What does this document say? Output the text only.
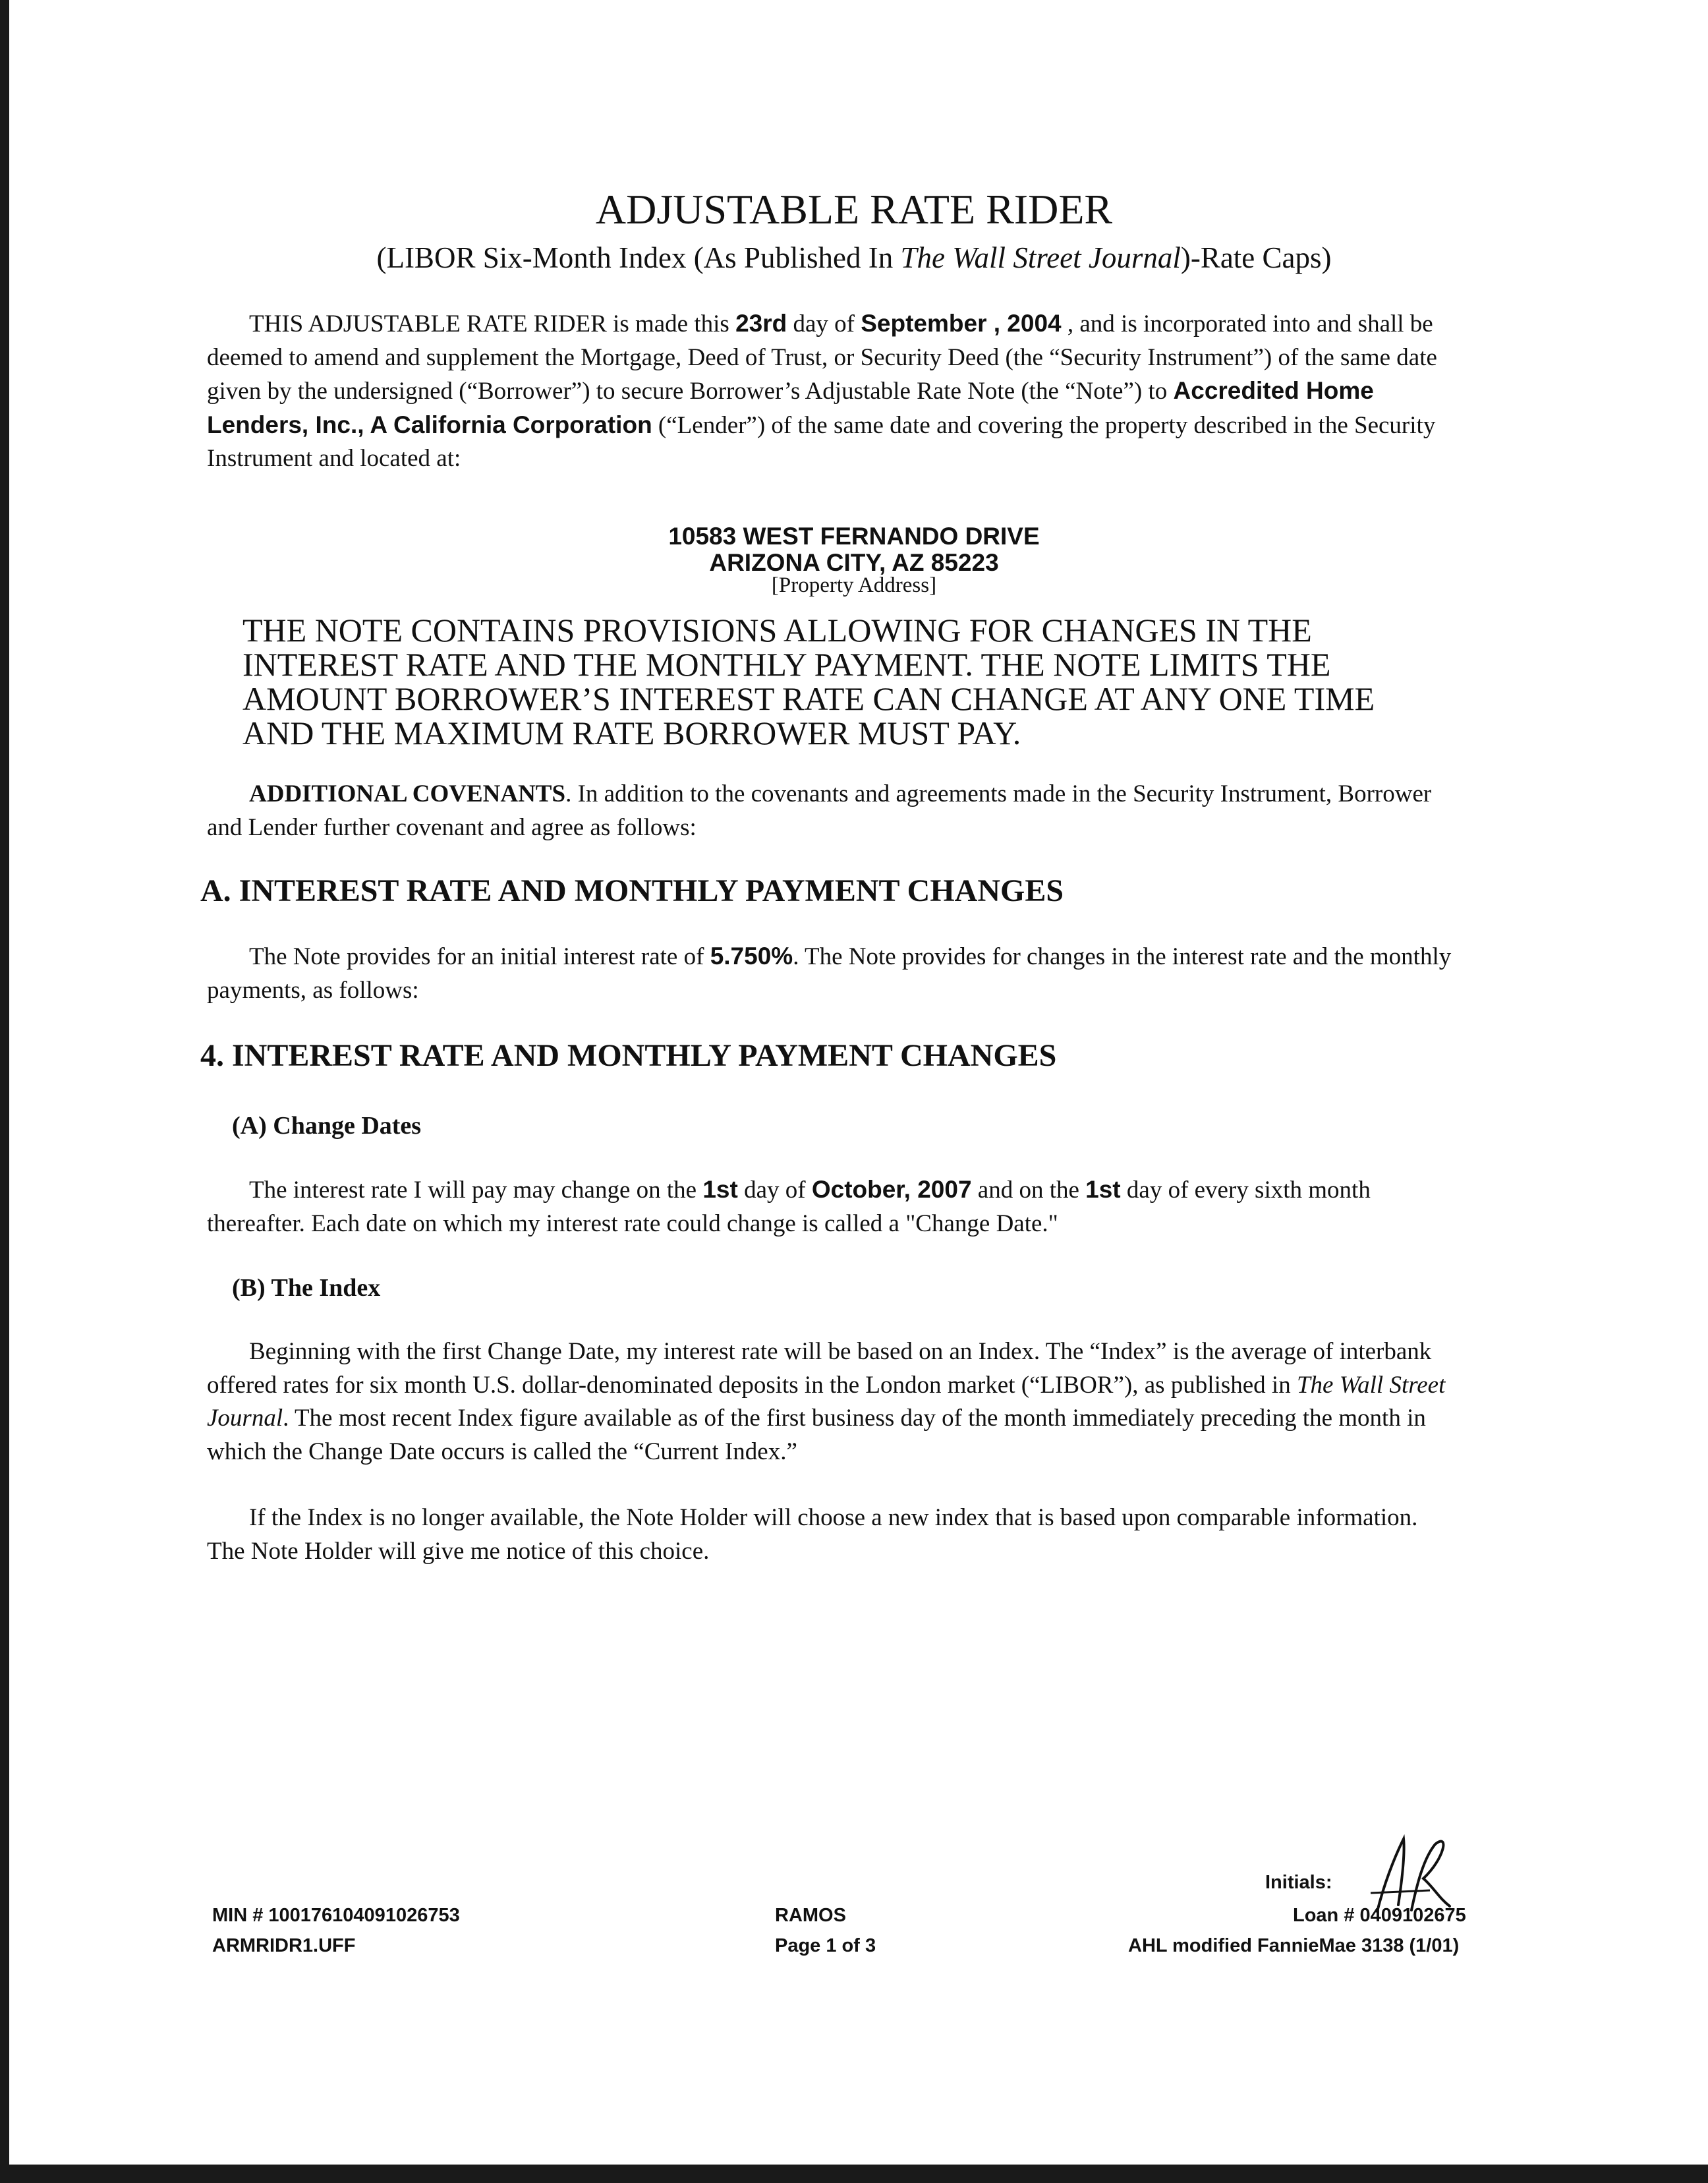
ADJUSTABLE RATE RIDER
(LIBOR Six-Month Index (As Published In The Wall Street Journal)-Rate Caps)
THIS ADJUSTABLE RATE RIDER is made this 23rd day of September , 2004 , and is incorporated into and shall be deemed to amend and supplement the Mortgage, Deed of Trust, or Security Deed (the “Security Instrument”) of the same date given by the undersigned (“Borrower”) to secure Borrower’s Adjustable Rate Note (the “Note”) to Accredited Home Lenders, Inc., A California Corporation (“Lender”) of the same date and covering the property described in the Security Instrument and located at:
10583 WEST FERNANDO DRIVE
ARIZONA CITY, AZ 85223
[Property Address]
THE NOTE CONTAINS PROVISIONS ALLOWING FOR CHANGES IN THE INTEREST RATE AND THE MONTHLY PAYMENT. THE NOTE LIMITS THE AMOUNT BORROWER’S INTEREST RATE CAN CHANGE AT ANY ONE TIME AND THE MAXIMUM RATE BORROWER MUST PAY.
ADDITIONAL COVENANTS. In addition to the covenants and agreements made in the Security Instrument, Borrower and Lender further covenant and agree as follows:
A. INTEREST RATE AND MONTHLY PAYMENT CHANGES
The Note provides for an initial interest rate of 5.750%. The Note provides for changes in the interest rate and the monthly payments, as follows:
4. INTEREST RATE AND MONTHLY PAYMENT CHANGES
(A) Change Dates
The interest rate I will pay may change on the 1st day of October, 2007 and on the 1st day of every sixth month thereafter. Each date on which my interest rate could change is called a "Change Date."
(B) The Index
Beginning with the first Change Date, my interest rate will be based on an Index. The “Index” is the average of interbank offered rates for six month U.S. dollar-denominated deposits in the London market (“LIBOR”), as published in The Wall Street Journal. The most recent Index figure available as of the first business day of the month immediately preceding the month in which the Change Date occurs is called the “Current Index.”
If the Index is no longer available, the Note Holder will choose a new index that is based upon comparable information. The Note Holder will give me notice of this choice.
MIN # 100176104091026753
ARMRIDR1.UFF
RAMOS
Page 1 of 3
Initials:
Loan # 0409102675
AHL modified FannieMae 3138 (1/01)
